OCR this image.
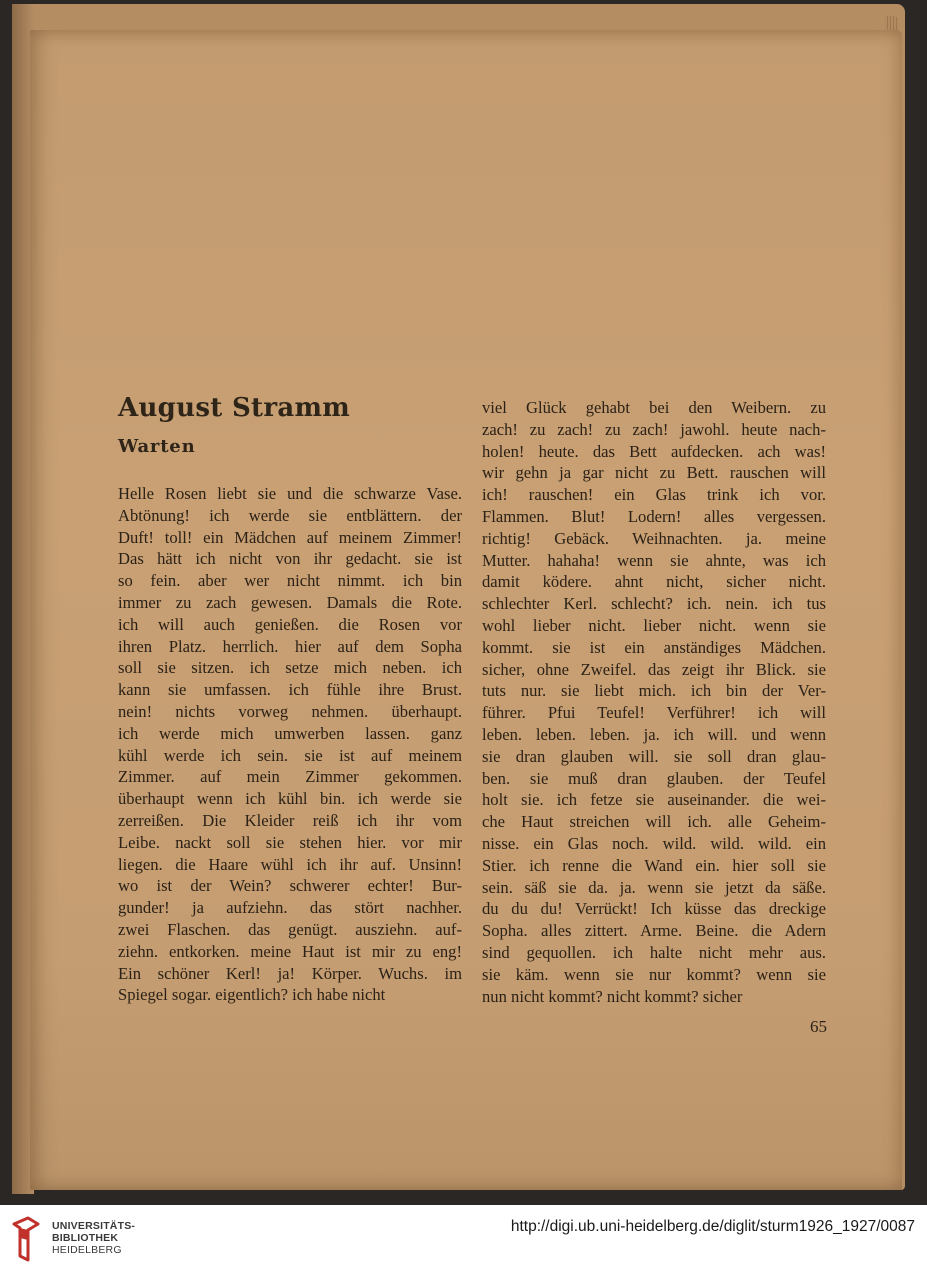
August Stramm
Warten
Helle Rosen liebt sie und die schwarze Vase.
Abtönung! ich werde sie entblättern. der
Duft! toll! ein Mädchen auf meinem Zimmer!
Das hätt ich nicht von ihr gedacht. sie ist
so fein. aber wer nicht nimmt. ich bin
immer zu zach gewesen. Damals die Rote.
ich will auch genießen. die Rosen vor
ihren Platz. herrlich. hier auf dem Sopha
soll sie sitzen. ich setze mich neben. ich
kann sie umfassen. ich fühle ihre Brust.
nein! nichts vorweg nehmen. überhaupt.
ich werde mich umwerben lassen. ganz
kühl werde ich sein. sie ist auf meinem
Zimmer. auf mein Zimmer gekommen.
überhaupt wenn ich kühl bin. ich werde sie
zerreißen. Die Kleider reiß ich ihr vom
Leibe. nackt soll sie stehen hier. vor mir
liegen. die Haare wühl ich ihr auf. Unsinn!
wo ist der Wein? schwerer echter! Bur-
gunder! ja aufziehn. das stört nachher.
zwei Flaschen. das genügt. ausziehn. auf-
ziehn. entkorken. meine Haut ist mir zu eng!
Ein schöner Kerl! ja! Körper. Wuchs. im
Spiegel sogar. eigentlich? ich habe nicht
viel Glück gehabt bei den Weibern. zu
zach! zu zach! zu zach! jawohl. heute nach-
holen! heute. das Bett aufdecken. ach was!
wir gehn ja gar nicht zu Bett. rauschen will
ich! rauschen! ein Glas trink ich vor.
Flammen. Blut! Lodern! alles vergessen.
richtig! Gebäck. Weihnachten. ja. meine
Mutter. hahaha! wenn sie ahnte, was ich
damit ködere. ahnt nicht, sicher nicht.
schlechter Kerl. schlecht? ich. nein. ich tus
wohl lieber nicht. lieber nicht. wenn sie
kommt. sie ist ein anständiges Mädchen.
sicher, ohne Zweifel. das zeigt ihr Blick. sie
tuts nur. sie liebt mich. ich bin der Ver-
führer. Pfui Teufel! Verführer! ich will
leben. leben. leben. ja. ich will. und wenn
sie dran glauben will. sie soll dran glau-
ben. sie muß dran glauben. der Teufel
holt sie. ich fetze sie auseinander. die wei-
che Haut streichen will ich. alle Geheim-
nisse. ein Glas noch. wild. wild. wild. ein
Stier. ich renne die Wand ein. hier soll sie
sein. säß sie da. ja. wenn sie jetzt da säße.
du du du! Verrückt! Ich küsse das dreckige
Sopha. alles zittert. Arme. Beine. die Adern
sind gequollen. ich halte nicht mehr aus.
sie käm. wenn sie nur kommt? wenn sie
nun nicht kommt? nicht kommt? sicher
65
UNIVERSITÄTS-
BIBLIOTHEK
HEIDELBERG
http://digi.ub.uni-heidelberg.de/diglit/sturm1926_1927/0087
